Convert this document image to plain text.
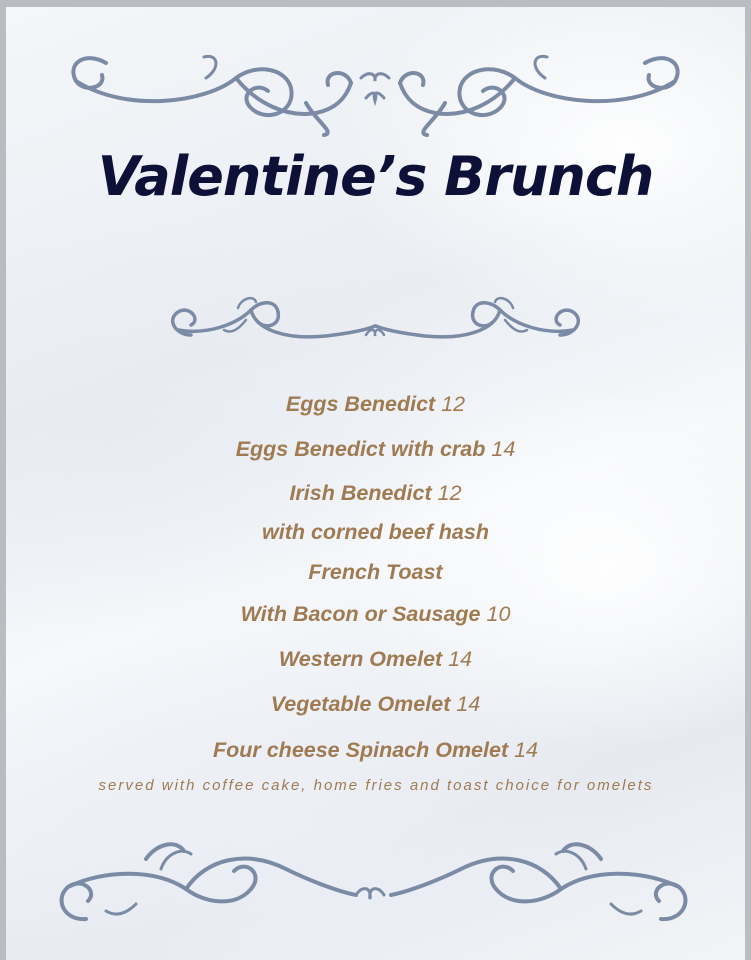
Valentine’s Brunch
Eggs Benedict 12
Eggs Benedict with crab 14
Irish Benedict 12
with corned beef hash
French Toast
With Bacon or Sausage 10
Western Omelet 14
Vegetable Omelet 14
Four cheese Spinach Omelet 14

served with coffee cake, home fries and toast choice for omelets
